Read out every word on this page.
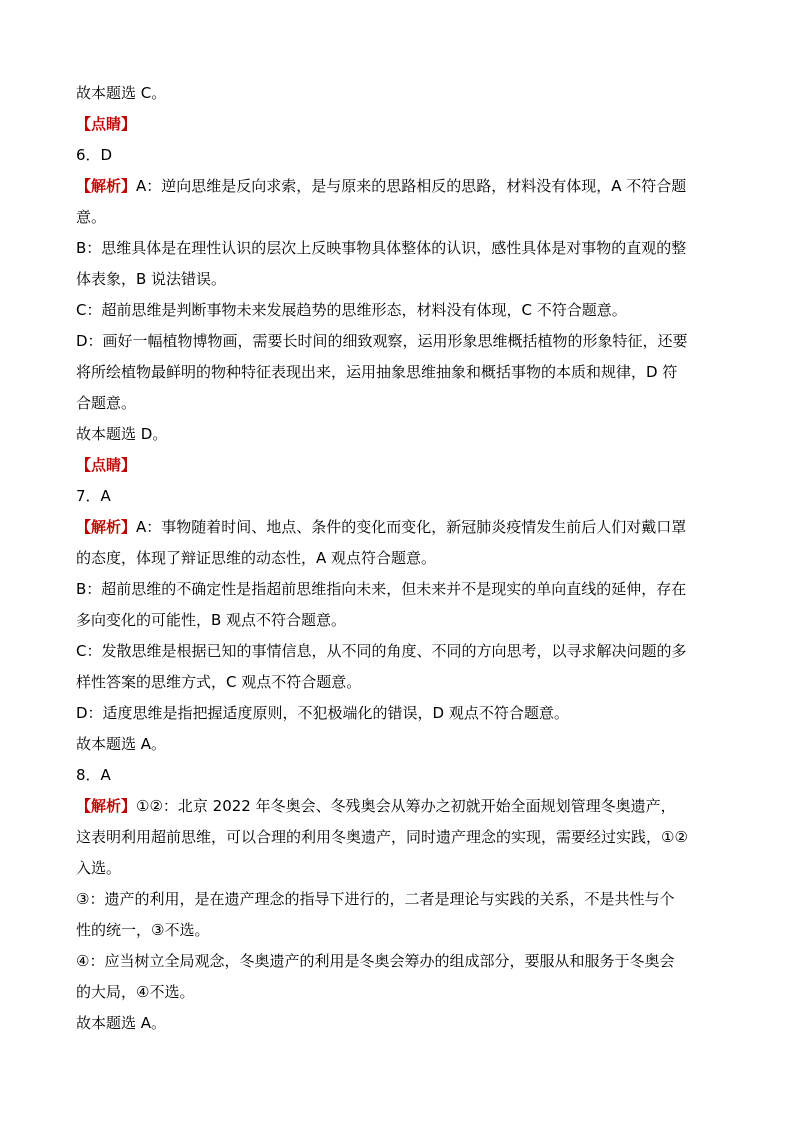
故本题选 C。
【点睛】
6．D
【解析】A：逆向思维是反向求索，是与原来的思路相反的思路，材料没有体现，A 不符合题
意。
B：思维具体是在理性认识的层次上反映事物具体整体的认识，感性具体是对事物的直观的整
体表象，B 说法错误。
C：超前思维是判断事物未来发展趋势的思维形态，材料没有体现，C 不符合题意。
D：画好一幅植物博物画，需要长时间的细致观察，运用形象思维概括植物的形象特征，还要
将所绘植物最鲜明的物种特征表现出来，运用抽象思维抽象和概括事物的本质和规律，D 符
合题意。
故本题选 D。
【点睛】
7．A
【解析】A：事物随着时间、地点、条件的变化而变化，新冠肺炎疫情发生前后人们对戴口罩
的态度，体现了辩证思维的动态性，A 观点符合题意。
B：超前思维的不确定性是指超前思维指向未来，但未来并不是现实的单向直线的延伸，存在
多向变化的可能性，B 观点不符合题意。
C：发散思维是根据已知的事情信息，从不同的角度、不同的方向思考，以寻求解决问题的多
样性答案的思维方式，C 观点不符合题意。
D：适度思维是指把握适度原则，不犯极端化的错误，D 观点不符合题意。
故本题选 A。
8．A
【解析】①②：北京 2022 年冬奥会、冬残奥会从筹办之初就开始全面规划管理冬奥遗产，
这表明利用超前思维，可以合理的利用冬奥遗产，同时遗产理念的实现，需要经过实践，①②
入选。
③：遗产的利用，是在遗产理念的指导下进行的，二者是理论与实践的关系，不是共性与个
性的统一，③不选。
④：应当树立全局观念，冬奥遗产的利用是冬奥会筹办的组成部分，要服从和服务于冬奥会
的大局，④不选。
故本题选 A。
